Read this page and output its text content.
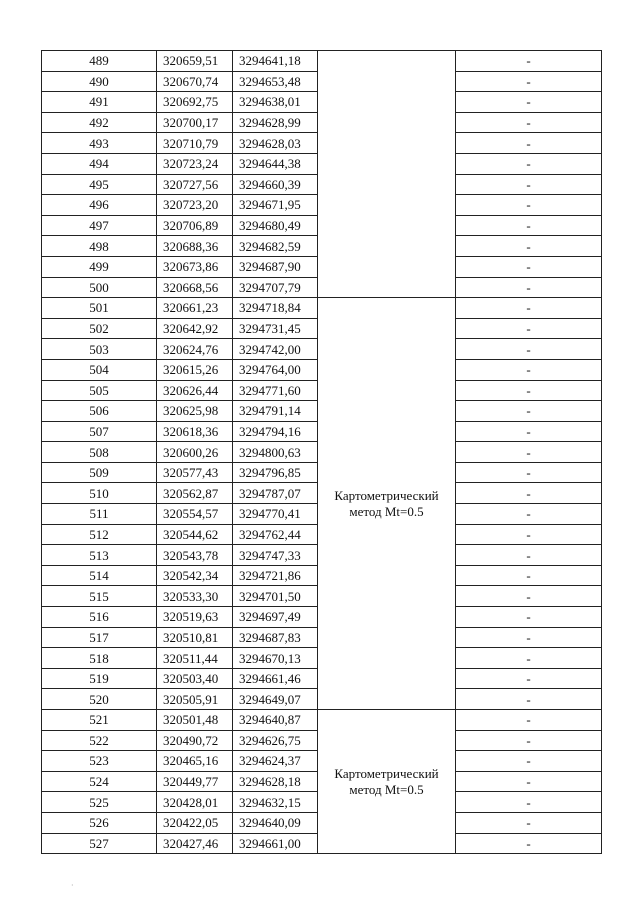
489	320659,51	3294641,18			-
490	320670,74	3294653,48		-
491	320692,75	3294638,01		-
492	320700,17	3294628,99		-
493	320710,79	3294628,03		-
494	320723,24	3294644,38		-
495	320727,56	3294660,39		-
496	320723,20	3294671,95		-
497	320706,89	3294680,49		-
498	320688,36	3294682,59		-
499	320673,86	3294687,90		-
500	320668,56	3294707,79		-
501	320661,23	3294718,84	Картометрический метод Mt=0.5		-
502	320642,92	3294731,45		-
503	320624,76	3294742,00		-
504	320615,26	3294764,00		-
505	320626,44	3294771,60		-
506	320625,98	3294791,14		-
507	320618,36	3294794,16		-
508	320600,26	3294800,63		-
509	320577,43	3294796,85		-
510	320562,87	3294787,07		-
511	320554,57	3294770,41		-
512	320544,62	3294762,44		-
513	320543,78	3294747,33		-
514	320542,34	3294721,86		-
515	320533,30	3294701,50		-
516	320519,63	3294697,49		-
517	320510,81	3294687,83		-
518	320511,44	3294670,13		-
519	320503,40	3294661,46		-
520	320505,91	3294649,07		-
521	320501,48	3294640,87	Картометрический метод Mt=0.5		-
522	320490,72	3294626,75		-
523	320465,16	3294624,37		-
524	320449,77	3294628,18		-
525	320428,01	3294632,15		-
526	320422,05	3294640,09		-
527	320427,46	3294661,00		-
·
